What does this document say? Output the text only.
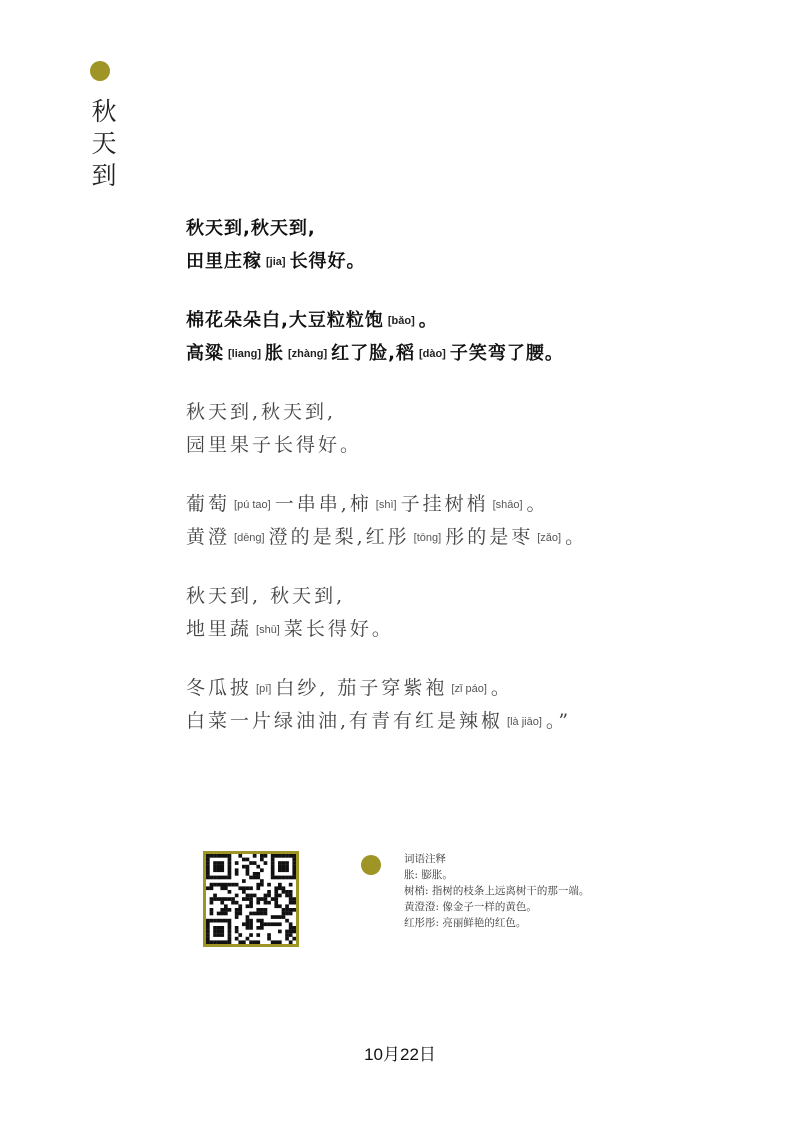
秋
天
到
秋天到,秋天到,
田里庄稼 [jia] 长得好。
棉花朵朵白,大豆粒粒饱 [bǎo] 。
高粱 [liang] 胀 [zhàng] 红了脸,稻 [dào] 子笑弯了腰。
秋天到,秋天到,
园里果子长得好。
葡萄 [pú tao] 一串串,柿 [shì] 子挂树梢 [shāo] 。
黄澄 [dēng] 澄的是梨,红彤 [tōng] 彤的是枣 [zǎo] 。
秋天到, 秋天到,
地里蔬 [shū] 菜长得好。
冬瓜披 [pī] 白纱, 茄子穿紫袍 [zǐ páo] 。
白菜一片绿油油,有青有红是辣椒 [là jiāo] 。”
词语注释
胀: 膨胀。
树梢: 指树的枝条上远离树干的那一端。
黄澄澄: 像金子一样的黄色。
红彤彤: 亮丽鲜艳的红色。
10月22日
